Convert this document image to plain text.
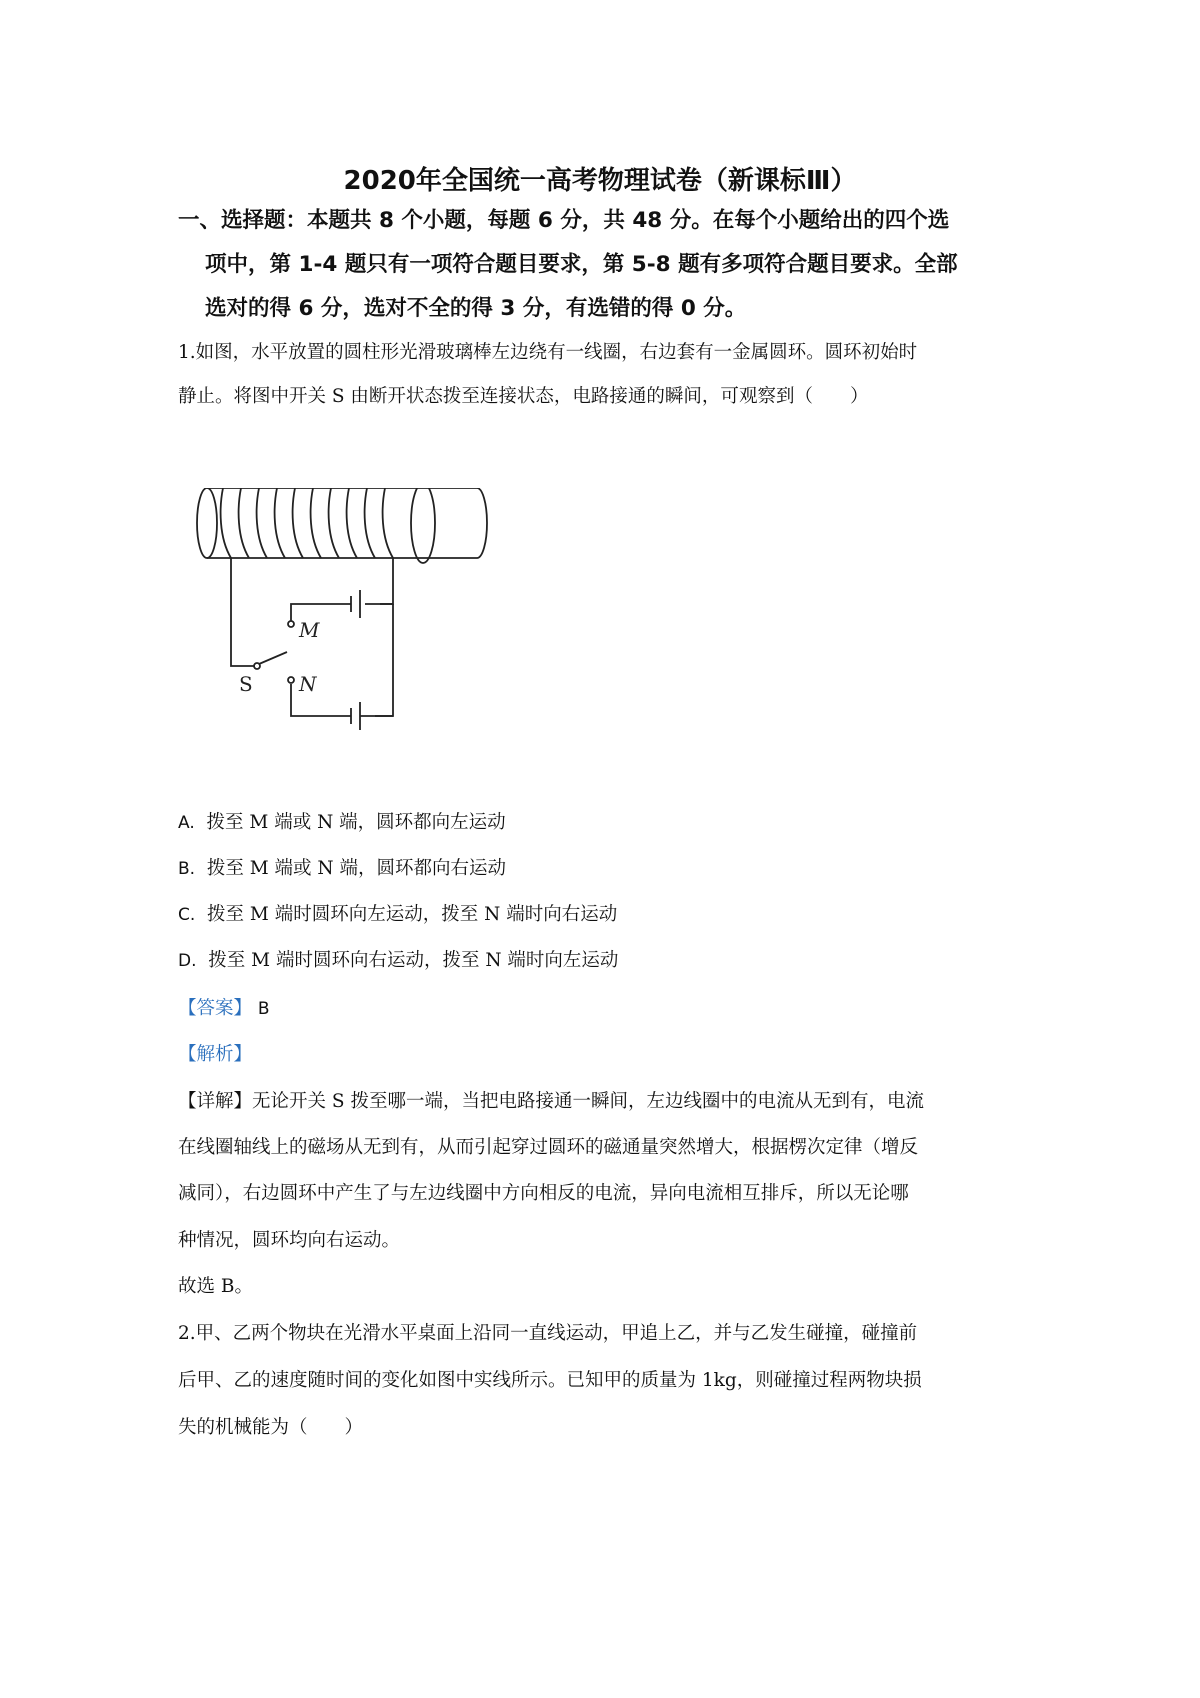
2020年全国统一高考物理试卷（新课标Ⅲ）
一、选择题：本题共 8 个小题，每题 6 分，共 48 分。在每个小题给出的四个选
项中，第 1-4 题只有一项符合题目要求，第 5-8 题有多项符合题目要求。全部
选对的得 6 分，选对不全的得 3 分，有选错的得 0 分。
1.如图，水平放置的圆柱形光滑玻璃棒左边绕有一线圈，右边套有一金属圆环。圆环初始时
静止。将图中开关 S 由断开状态拨至连接状态，电路接通的瞬间，可观察到（　　）
M
N
S
A. 拨至 M 端或 N 端，圆环都向左运动
B. 拨至 M 端或 N 端，圆环都向右运动
C. 拨至 M 端时圆环向左运动，拨至 N 端时向右运动
D. 拨至 M 端时圆环向右运动，拨至 N 端时向左运动
【答案】 B
【解析】
【详解】无论开关 S 拨至哪一端，当把电路接通一瞬间，左边线圈中的电流从无到有，电流
在线圈轴线上的磁场从无到有，从而引起穿过圆环的磁通量突然增大，根据楞次定律（增反
减同），右边圆环中产生了与左边线圈中方向相反的电流，异向电流相互排斥，所以无论哪
种情况，圆环均向右运动。
故选 B。
2.甲、乙两个物块在光滑水平桌面上沿同一直线运动，甲追上乙，并与乙发生碰撞，碰撞前
后甲、乙的速度随时间的变化如图中实线所示。已知甲的质量为 1kg，则碰撞过程两物块损
失的机械能为（　　）
